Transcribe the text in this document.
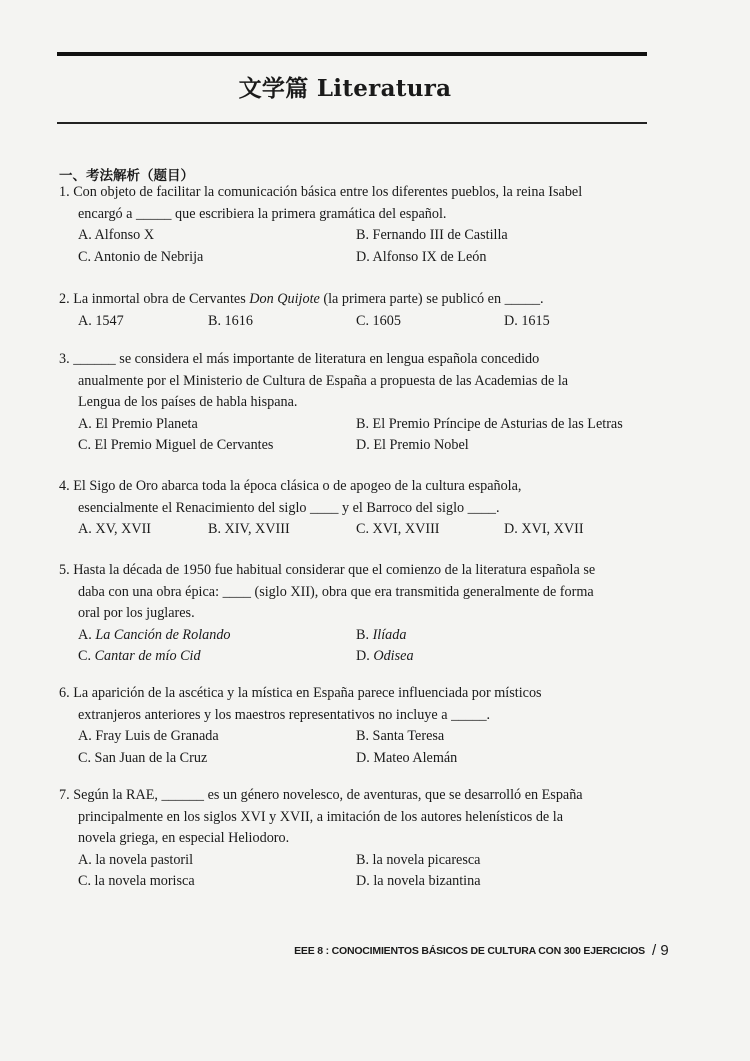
文学篇 Literatura
一、考法解析（题目）
1. Con objeto de facilitar la comunicación básica entre los diferentes pueblos, la reina Isabel
encargó a _____ que escribiera la primera gramática del español.
A. Alfonso X	B. Fernando III de Castilla
C. Antonio de Nebrija	D. Alfonso IX de León
2. La inmortal obra de Cervantes Don Quijote (la primera parte) se publicó en _____.
A. 1547	B. 1616	C. 1605	D. 1615
3. ______ se considera el más importante de literatura en lengua española concedido
anualmente por el Ministerio de Cultura de España a propuesta de las Academias de la
Lengua de los países de habla hispana.
A. El Premio Planeta	B. El Premio Príncipe de Asturias de las Letras
C. El Premio Miguel de Cervantes	D. El Premio Nobel
4. El Sigo de Oro abarca toda la época clásica o de apogeo de la cultura española,
esencialmente el Renacimiento del siglo ____ y el Barroco del siglo ____.
A. XV, XVII	B. XIV, XVIII	C. XVI, XVIII	D. XVI, XVII
5. Hasta la década de 1950 fue habitual considerar que el comienzo de la literatura española se
daba con una obra épica: ____ (siglo XII), obra que era transmitida generalmente de forma
oral por los juglares.
A. La Canción de Rolando	B. Ilíada
C. Cantar de mío Cid	D. Odisea
6. La aparición de la ascética y la mística en España parece influenciada por místicos
extranjeros anteriores y los maestros representativos no incluye a _____.
A. Fray Luis de Granada	B. Santa Teresa
C. San Juan de la Cruz	D. Mateo Alemán
7. Según la RAE, ______ es un género novelesco, de aventuras, que se desarrolló en España
principalmente en los siglos XVI y XVII, a imitación de los autores helenísticos de la
novela griega, en especial Heliodoro.
A. la novela pastoril	B. la novela picaresca
C. la novela morisca	D. la novela bizantina
EEE 8 : CONOCIMIENTOS BÁSICOS DE CULTURA CON 300 EJERCICIOS / 9
